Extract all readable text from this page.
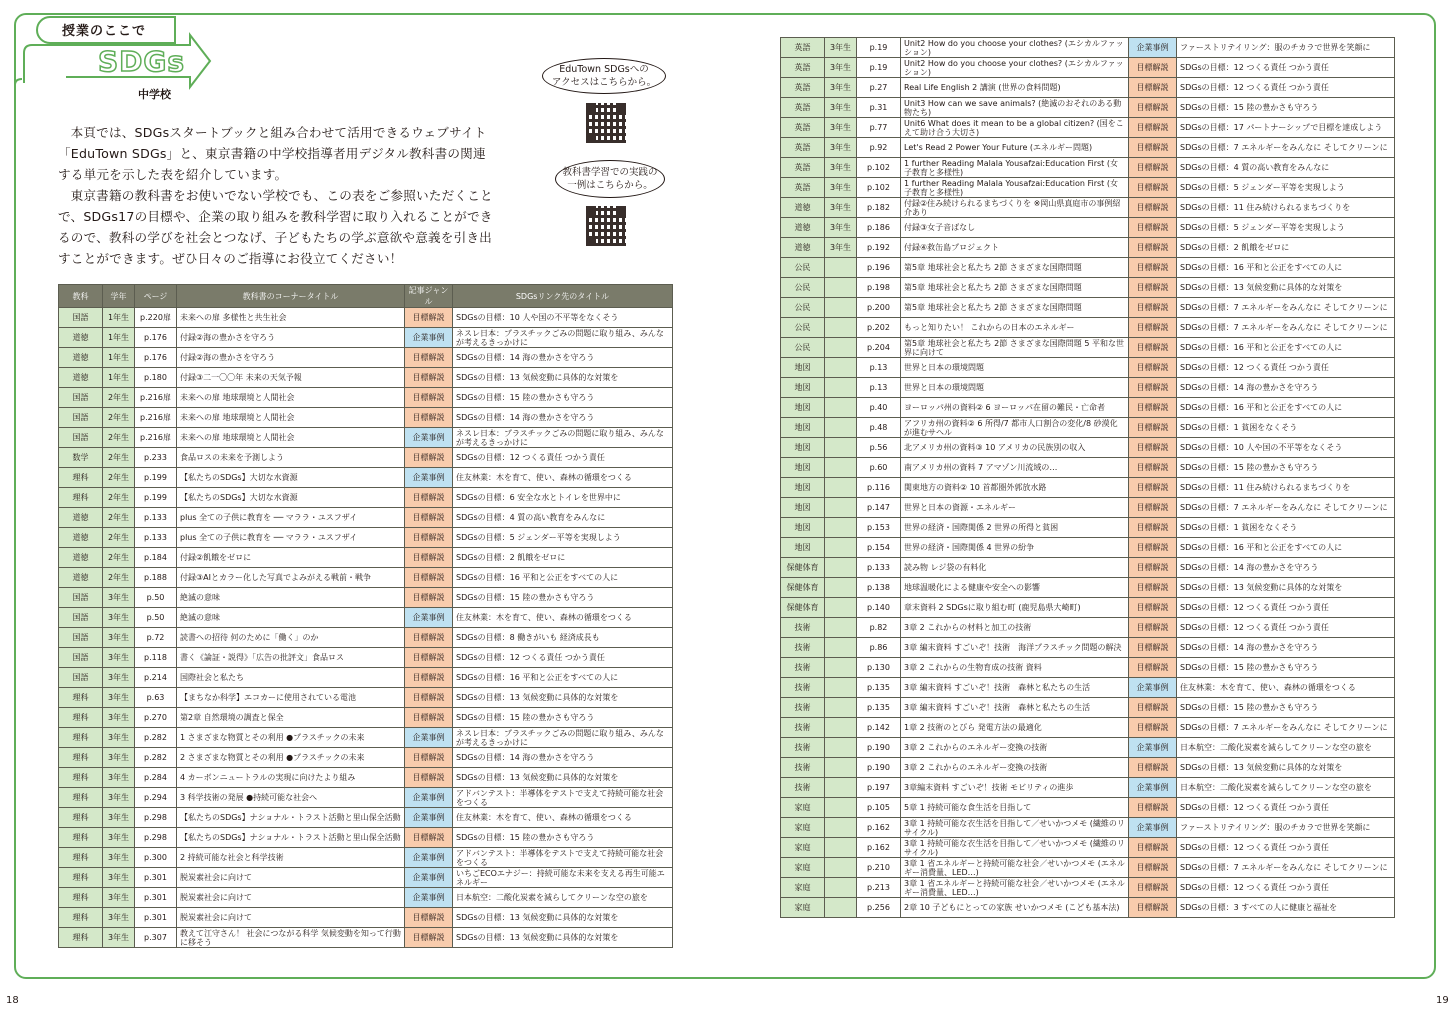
授業のここで
SDGs
中学校

本頁では、SDGsスタートブックと組み合わせて活用できるウェブサイト「EduTown SDGs」と、東京書籍の中学校指導者用デジタル教科書の関連する単元を示した表を紹介しています。

東京書籍の教科書をお使いでない学校でも、この表をご参照いただくことで、SDGs17の目標や、企業の取り組みを教科学習に取り入れることができるので、教科の学びを社会とつなげ、子どもたちの学ぶ意欲や意義を引き出すことができます。ぜひ日々のご指導にお役立てください！

EduTown SDGsへの
アクセスはこちらから。
教科書学習での実践の
一例はこちらから。
教科	学年	ページ	教科書のコーナータイトル	記事ジャンル	SDGsリンク先のタイトル
国語	1年生	p.220扉	未来への扉 多様性と共生社会	目標解説	SDGsの目標：10 人や国の不平等をなくそう
道徳	1年生	p.176	付録②海の豊かさを守ろう	企業事例	ネスレ日本：プラスチックごみの問題に取り組み、みんなが考えるきっかけに
道徳	1年生	p.176	付録②海の豊かさを守ろう	目標解説	SDGsの目標：14 海の豊かさを守ろう
道徳	1年生	p.180	付録③二一〇〇年 未来の天気予報	目標解説	SDGsの目標：13 気候変動に具体的な対策を
国語	2年生	p.216扉	未来への扉 地球環境と人間社会	目標解説	SDGsの目標：15 陸の豊かさも守ろう
国語	2年生	p.216扉	未来への扉 地球環境と人間社会	目標解説	SDGsの目標：14 海の豊かさを守ろう
国語	2年生	p.216扉	未来への扉 地球環境と人間社会	企業事例	ネスレ日本：プラスチックごみの問題に取り組み、みんなが考えるきっかけに
数学	2年生	p.233	食品ロスの未来を予測しよう	目標解説	SDGsの目標：12 つくる責任 つかう責任
理科	2年生	p.199	【私たちのSDGs】大切な水資源	企業事例	住友林業：木を育て、使い、森林の循環をつくる
理科	2年生	p.199	【私たちのSDGs】大切な水資源	目標解説	SDGsの目標：6 安全な水とトイレを世界中に
道徳	2年生	p.133	plus 全ての子供に教育を ── マララ・ユスフザイ	目標解説	SDGsの目標：4 質の高い教育をみんなに
道徳	2年生	p.133	plus 全ての子供に教育を ── マララ・ユスフザイ	目標解説	SDGsの目標：5 ジェンダー平等を実現しよう
道徳	2年生	p.184	付録②飢餓をゼロに	目標解説	SDGsの目標：2 飢餓をゼロに
道徳	2年生	p.188	付録③AIとカラー化した写真でよみがえる戦前・戦争	目標解説	SDGsの目標：16 平和と公正をすべての人に
国語	3年生	p.50	絶滅の意味	目標解説	SDGsの目標：15 陸の豊かさも守ろう
国語	3年生	p.50	絶滅の意味	企業事例	住友林業：木を育て、使い、森林の循環をつくる
国語	3年生	p.72	読書への招待 何のために「働く」のか	目標解説	SDGsの目標：8 働きがいも 経済成長も
国語	3年生	p.118	書く《論証・説得》「広告の批評文」食品ロス	目標解説	SDGsの目標：12 つくる責任 つかう責任
国語	3年生	p.214	国際社会と私たち	目標解説	SDGsの目標：16 平和と公正をすべての人に
理科	3年生	p.63	【まちなか科学】エコカーに使用されている電池	目標解説	SDGsの目標：13 気候変動に具体的な対策を
理科	3年生	p.270	第2章 自然環境の調査と保全	目標解説	SDGsの目標：15 陸の豊かさも守ろう
理科	3年生	p.282	1 さまざまな物質とその利用 ●プラスチックの未来	企業事例	ネスレ日本：プラスチックごみの問題に取り組み、みんなが考えるきっかけに
理科	3年生	p.282	2 さまざまな物質とその利用 ●プラスチックの未来	目標解説	SDGsの目標：14 海の豊かさを守ろう
理科	3年生	p.284	4 カーボンニュートラルの実現に向けたより組み	目標解説	SDGsの目標：13 気候変動に具体的な対策を
理科	3年生	p.294	3 科学技術の発展 ●持続可能な社会へ	企業事例	アドバンテスト：半導体をテストで支えて持続可能な社会をつくる
理科	3年生	p.298	【私たちのSDGs】ナショナル・トラスト活動と里山保全活動	企業事例	住友林業：木を育て、使い、森林の循環をつくる
理科	3年生	p.298	【私たちのSDGs】ナショナル・トラスト活動と里山保全活動	目標解説	SDGsの目標：15 陸の豊かさも守ろう
理科	3年生	p.300	2 持続可能な社会と科学技術	企業事例	アドバンテスト：半導体をテストで支えて持続可能な社会をつくる
理科	3年生	p.301	脱炭素社会に向けて	企業事例	いちごECOエナジー：持続可能な未来を支える再生可能エネルギー
理科	3年生	p.301	脱炭素社会に向けて	企業事例	日本航空：二酸化炭素を減らしてクリーンな空の旅を
理科	3年生	p.301	脱炭素社会に向けて	目標解説	SDGsの目標：13 気候変動に具体的な対策を
理科	3年生	p.307	教えて江守さん！ 社会につながる科学 気候変動を知って行動に移そう	目標解説	SDGsの目標：13 気候変動に具体的な対策を
英語	3年生	p.19	Unit2 How do you choose your clothes? (エシカルファッション)	企業事例	ファーストリテイリング：服のチカラで世界を笑顔に
英語	3年生	p.19	Unit2 How do you choose your clothes? (エシカルファッション)	目標解説	SDGsの目標：12 つくる責任 つかう責任
英語	3年生	p.27	Real Life English 2 講演 (世界の食料問題)	目標解説	SDGsの目標：12 つくる責任 つかう責任
英語	3年生	p.31	Unit3 How can we save animals? (絶滅のおそれのある動物たち)	目標解説	SDGsの目標：15 陸の豊かさも守ろう
英語	3年生	p.77	Unit6 What does it mean to be a global citizen? (国をこえて助け合う大切さ)	目標解説	SDGsの目標：17 パートナーシップで目標を達成しよう
英語	3年生	p.92	Let's Read 2 Power Your Future (エネルギー問題)	目標解説	SDGsの目標：7 エネルギーをみんなに そしてクリーンに
英語	3年生	p.102	1 further Reading Malala Yousafzai:Education First (女子教育と多様性)	目標解説	SDGsの目標：4 質の高い教育をみんなに
英語	3年生	p.102	1 further Reading Malala Yousafzai:Education First (女子教育と多様性)	目標解説	SDGsの目標：5 ジェンダー平等を実現しよう
道徳	3年生	p.182	付録②住み続けられるまちづくりを ※岡山県真庭市の事例紹介あり	目標解説	SDGsの目標：11 住み続けられるまちづくりを
道徳	3年生	p.186	付録③女子音ばなし	目標解説	SDGsの目標：5 ジェンダー平等を実現しよう
道徳	3年生	p.192	付録④救缶島プロジェクト	目標解説	SDGsの目標：2 飢餓をゼロに
公民		p.196	第5章 地球社会と私たち 2節 さまざまな国際問題	目標解説	SDGsの目標：16 平和と公正をすべての人に
公民		p.198	第5章 地球社会と私たち 2節 さまざまな国際問題	目標解説	SDGsの目標：13 気候変動に具体的な対策を
公民		p.200	第5章 地球社会と私たち 2節 さまざまな国際問題	目標解説	SDGsの目標：7 エネルギーをみんなに そしてクリーンに
公民		p.202	もっと知りたい！ これからの日本のエネルギー	目標解説	SDGsの目標：7 エネルギーをみんなに そしてクリーンに
公民		p.204	第5章 地球社会と私たち 2節 さまざまな国際問題 5 平和な世界に向けて	目標解説	SDGsの目標：16 平和と公正をすべての人に
地図		p.13	世界と日本の環境問題	目標解説	SDGsの目標：12 つくる責任 つかう責任
地図		p.13	世界と日本の環境問題	目標解説	SDGsの目標：14 海の豊かさを守ろう
地図		p.40	ヨーロッパ州の資料② 6 ヨーロッパ在留の難民・亡命者	目標解説	SDGsの目標：16 平和と公正をすべての人に
地図		p.48	アフリカ州の資料② 6 所得/7 都市人口割合の変化/8 砂漠化が進むサヘル	目標解説	SDGsの目標：1 貧困をなくそう
地図		p.56	北アメリカ州の資料③ 10 アメリカの民族別の収入	目標解説	SDGsの目標：10 人や国の不平等をなくそう
地図		p.60	南アメリカ州の資料 7 アマゾン川流域の…	目標解説	SDGsの目標：15 陸の豊かさも守ろう
地図		p.116	関東地方の資料② 10 首都圏外郭放水路	目標解説	SDGsの目標：11 住み続けられるまちづくりを
地図		p.147	世界と日本の資源・エネルギー	目標解説	SDGsの目標：7 エネルギーをみんなに そしてクリーンに
地図		p.153	世界の経済・国際関係 2 世界の所得と貧困	目標解説	SDGsの目標：1 貧困をなくそう
地図		p.154	世界の経済・国際関係 4 世界の紛争	目標解説	SDGsの目標：16 平和と公正をすべての人に
保健体育		p.133	読み物 レジ袋の有料化	目標解説	SDGsの目標：14 海の豊かさを守ろう
保健体育		p.138	地球温暖化による健康や安全への影響	目標解説	SDGsの目標：13 気候変動に具体的な対策を
保健体育		p.140	章末資料 2 SDGsに取り組む町 (鹿児島県大崎町)	目標解説	SDGsの目標：12 つくる責任 つかう責任
技術		p.82	3章 2 これからの材料と加工の技術	目標解説	SDGsの目標：12 つくる責任 つかう責任
技術		p.86	3章 編末資料 すごいぞ！技術　海洋プラスチック問題の解決	目標解説	SDGsの目標：14 海の豊かさを守ろう
技術		p.130	3章 2 これからの生物育成の技術 資料	目標解説	SDGsの目標：15 陸の豊かさも守ろう
技術		p.135	3章 編末資料 すごいぞ！技術　森林と私たちの生活	企業事例	住友林業：木を育て、使い、森林の循環をつくる
技術		p.135	3章 編末資料 すごいぞ！技術　森林と私たちの生活	目標解説	SDGsの目標：15 陸の豊かさも守ろう
技術		p.142	1章 2 技術のとびら 発電方法の最適化	目標解説	SDGsの目標：7 エネルギーをみんなに そしてクリーンに
技術		p.190	3章 2 これからのエネルギー変換の技術	企業事例	日本航空：二酸化炭素を減らしてクリーンな空の旅を
技術		p.190	3章 2 これからのエネルギー変換の技術	目標解説	SDGsの目標：13 気候変動に具体的な対策を
技術		p.197	3章編末資料 すごいぞ！技術 モビリティの進歩	企業事例	日本航空：二酸化炭素を減らしてクリーンな空の旅を
家庭		p.105	5章 1 持続可能な食生活を目指して	目標解説	SDGsの目標：12 つくる責任 つかう責任
家庭		p.162	3章 1 持続可能な衣生活を目指して／せいかつメモ (繊維のリサイクル)	企業事例	ファーストリテイリング：服のチカラで世界を笑顔に
家庭		p.162	3章 1 持続可能な衣生活を目指して／せいかつメモ (繊維のリサイクル)	目標解説	SDGsの目標：12 つくる責任 つかう責任
家庭		p.210	3章 1 省エネルギーと持続可能な社会／せいかつメモ (エネルギー消費量、LED…)	目標解説	SDGsの目標：7 エネルギーをみんなに そしてクリーンに
家庭		p.213	3章 1 省エネルギーと持続可能な社会／せいかつメモ (エネルギー消費量、LED…)	目標解説	SDGsの目標：12 つくる責任 つかう責任
家庭		p.256	2章 10 子どもにとっての家族 せいかつメモ (こども基本法)	目標解説	SDGsの目標：3 すべての人に健康と福祉を
18	19
